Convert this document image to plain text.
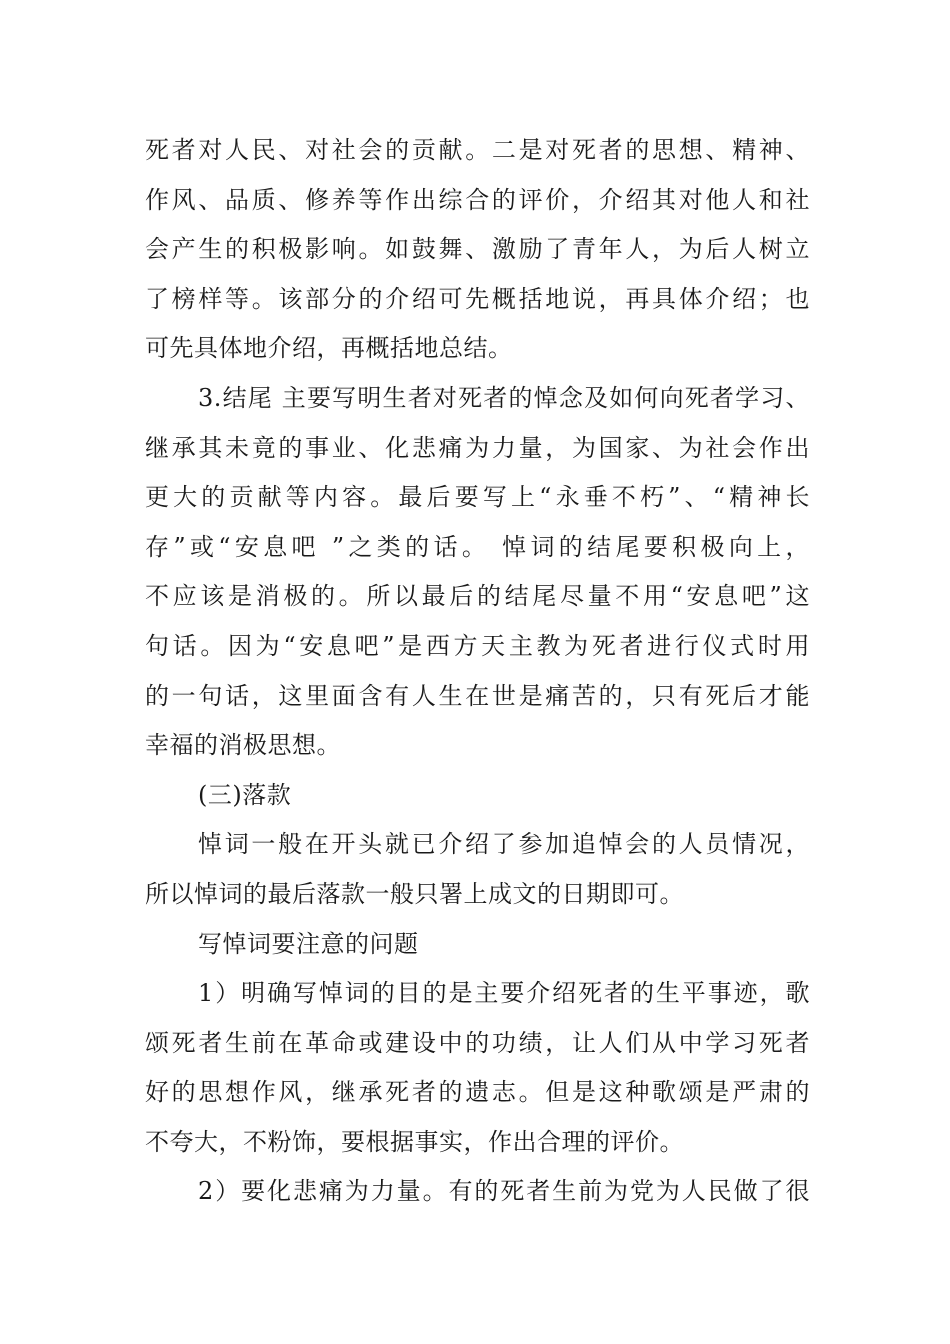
死者对人民、对社会的贡献。二是对死者的思想、精神、
作风、品质、修养等作出综合的评价，介绍其对他人和社
会产生的积极影响。如鼓舞、激励了青年人，为后人树立
了榜样等。该部分的介绍可先概括地说，再具体介绍；也
可先具体地介绍，再概括地总结。
3.结尾 主要写明生者对死者的悼念及如何向死者学习、
继承其未竟的事业、化悲痛为力量，为国家、为社会作出
更大的贡献等内容。最后要写上“永垂不朽”、“精神长
存”或“安息吧 ”之类的话。 悼词的结尾要积极向上，
不应该是消极的。所以最后的结尾尽量不用“安息吧”这
句话。因为“安息吧”是西方天主教为死者进行仪式时用
的一句话，这里面含有人生在世是痛苦的，只有死后才能
幸福的消极思想。
(三)落款
悼词一般在开头就已介绍了参加追悼会的人员情况，
所以悼词的最后落款一般只署上成文的日期即可。
写悼词要注意的问题
1）明确写悼词的目的是主要介绍死者的生平事迹，歌
颂死者生前在革命或建设中的功绩，让人们从中学习死者
好的思想作风，继承死者的遗志。但是这种歌颂是严肃的
不夸大，不粉饰，要根据事实，作出合理的评价。
2）要化悲痛为力量。有的死者生前为党为人民做了很
